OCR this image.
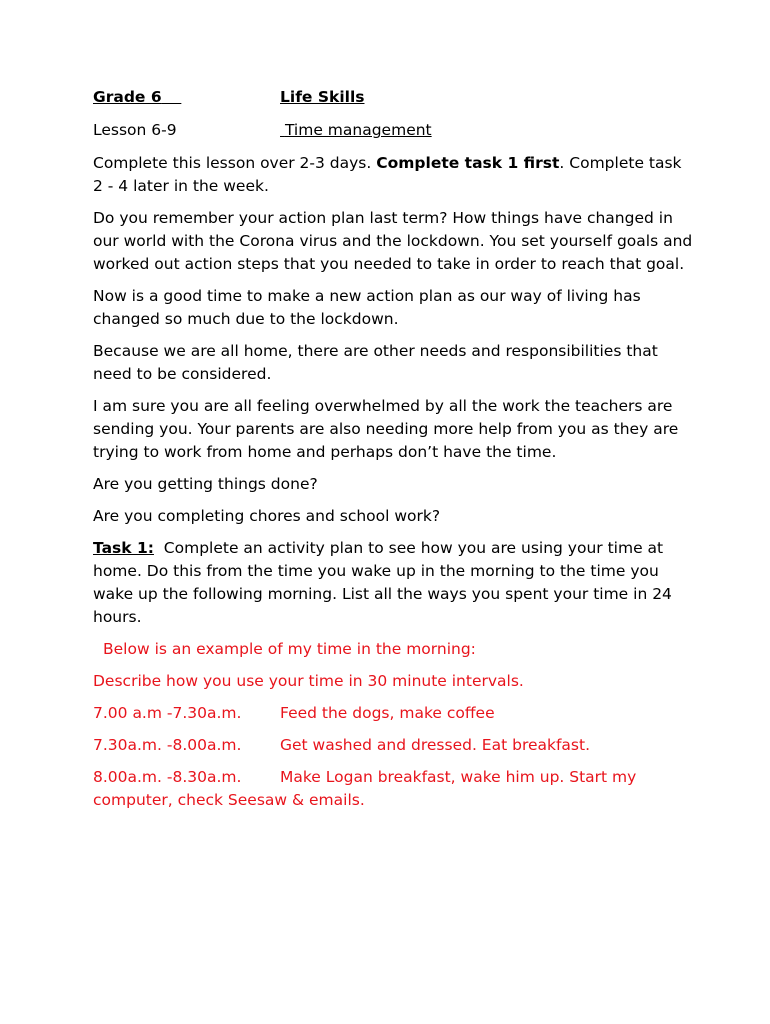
Grade 6	Life Skills
Lesson 6-9	Time management

Complete this lesson over 2-3 days. Complete task 1 first. Complete task 2 - 4 later in the week.

Do you remember your action plan last term? How things have changed in our world with the Corona virus and the lockdown. You set yourself goals and worked out action steps that you needed to take in order to reach that goal.

Now is a good time to make a new action plan as our way of living has changed so much due to the lockdown.

Because we are all home, there are other needs and responsibilities that need to be considered.

I am sure you are all feeling overwhelmed by all the work the teachers are sending you. Your parents are also needing more help from you as they are trying to work from home and perhaps don’t have the time.

Are you getting things done?

Are you completing chores and school work?

Task 1:  Complete an activity plan to see how you are using your time at home. Do this from the time you wake up in the morning to the time you wake up the following morning. List all the ways you spent your time in 24 hours.

Below is an example of my time in the morning:

Describe how you use your time in 30 minute intervals.

7.00 a.m -7.30a.m.	Feed the dogs, make coffee
7.30a.m. -8.00a.m.	Get washed and dressed. Eat breakfast.
8.00a.m. -8.30a.m. Make Logan breakfast, wake him up. Start my computer, check Seesaw & emails.
